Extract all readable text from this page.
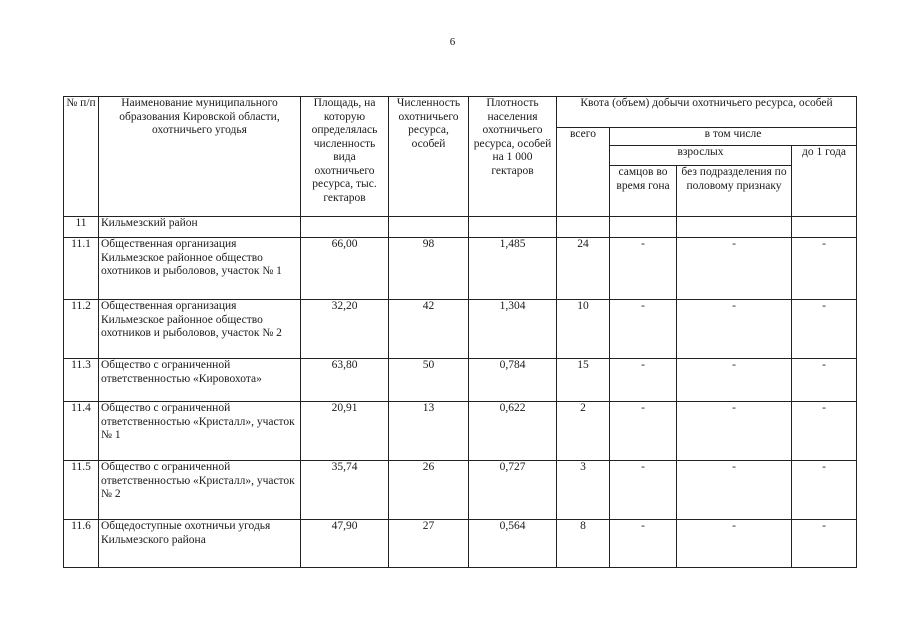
6
№ п/п	Наименование муниципального образования Кировской области, охотничьего угодья	Площадь, на которую определялась численность вида охотничьего ресурса, тыс. гектаров	Численность охотничьего ресурса, особей	Плотность населения охотничьего ресурса, особей на 1 000 гектаров	Квота (объем) добычи охотничьего ресурса, особей			
					всего	в том числе		
						взрослых		до 1 года
						самцов во время гона	без подразделения по половому признаку	
11	Кильмезский район							
11.1	Общественная организация Кильмезское районное общество охотников и рыболовов, участок № 1	66,00	98	1,485	24	-	-	-
11.2	Общественная организация Кильмезское районное общество охотников и рыболовов, участок № 2	32,20	42	1,304	10	-	-	-
11.3	Общество с ограниченной ответственностью «Кировохота»	63,80	50	0,784	15	-	-	-
11.4	Общество с ограниченной ответственностью «Кристалл», участок № 1	20,91	13	0,622	2	-	-	-
11.5	Общество с ограниченной ответственностью «Кристалл», участок № 2	35,74	26	0,727	3	-	-	-
11.6	Общедоступные охотничьи угодья Кильмезского района	47,90	27	0,564	8	-	-	-
